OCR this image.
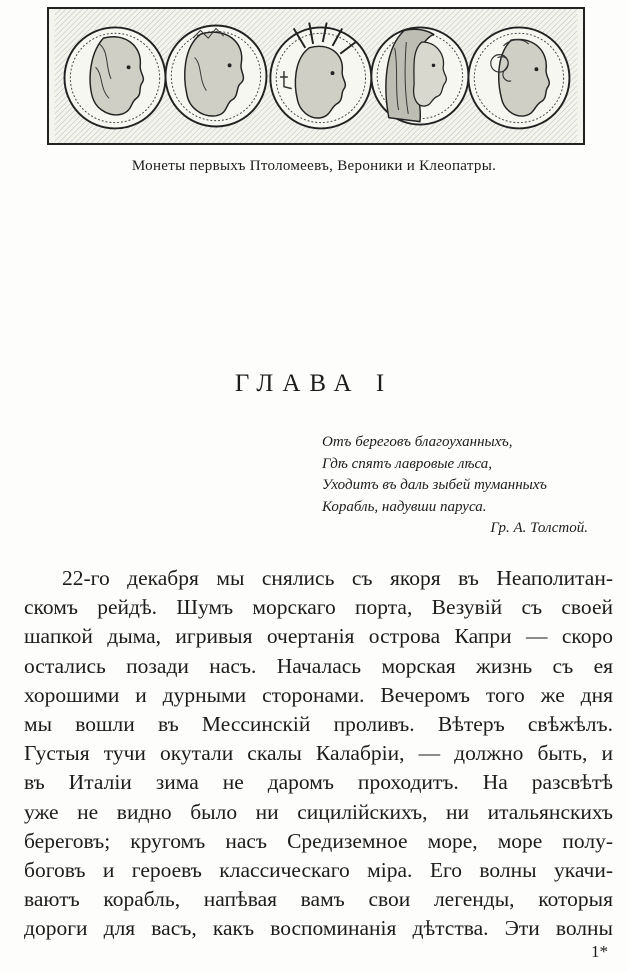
Монеты первыхъ Птоломеевъ, Вероники и Клеопатры.
ГЛАВА I
Отъ береговъ благоуханныхъ,
Гдѣ спятъ лавровые лѣса,
Уходитъ въ даль зыбей туманныхъ
Корабль, надувши паруса.
Гр. А. Толстой.
22-го декабря мы снялись съ якоря въ Неаполитан-
скомъ рейдѣ. Шумъ морскаго порта, Везувій съ своей
шапкой дыма, игривыя очертанія острова Капри — скоро
остались позади насъ. Началась морская жизнь съ ея
хорошими и дурными сторонами. Вечеромъ того же дня
мы вошли въ Мессинскій проливъ. Вѣтеръ свѣжѣлъ.
Густыя тучи окутали скалы Калабріи, — должно быть, и
въ Италіи зима не даромъ проходитъ. На разсвѣтѣ
уже не видно было ни сицилійскихъ, ни итальянскихъ
береговъ; кругомъ насъ Средиземное море, море полу-
боговъ и героевъ классическаго міра. Его волны укачи-
ваютъ корабль, напѣвая вамъ свои легенды, которыя
дороги для васъ, какъ воспоминанія дѣтства. Эти волны
1*
